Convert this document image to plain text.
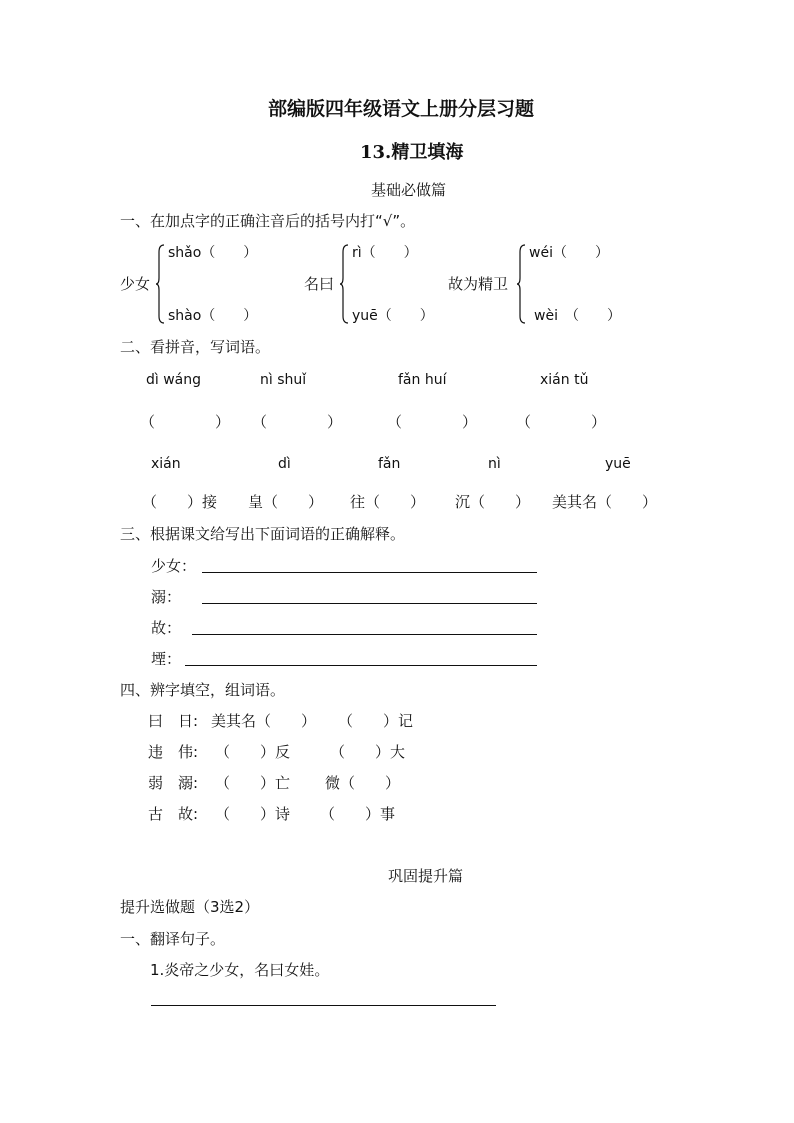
部编版四年级语文上册分层习题
13.精卫填海
基础必做篇
一、在加点字的正确注音后的括号内打“√”。
少女
shǎo（　　）
shào（　　）
名曰
rì（　　）
yuē（　　）
故为精卫
wéi（　　）
wèi　（　　）
二、看拼音，写词语。
dì wáng	nì shuǐ	fǎn huí	xián tǔ
（　　　　） （　　　　）	（　　　　）	（　　　　）
xián	dì	fǎn	nì	yuē
（　　）接 皇（　　） 往（　　） 沉（　　） 美其名（　　）
三、根据课文给写出下面词语的正确解释。
少女：
溺：
故：
堙：
四、辨字填空，组词语。
曰　日: 美其名（　　） （　　）记
违　伟: （　　）反	（　　）大
弱　溺: （　　）亡 微（　　）
古　故: （　　）诗 （　　）事
巩固提升篇
提升选做题（3选2）
一、翻译句子。
1.炎帝之少女，名曰女娃。
